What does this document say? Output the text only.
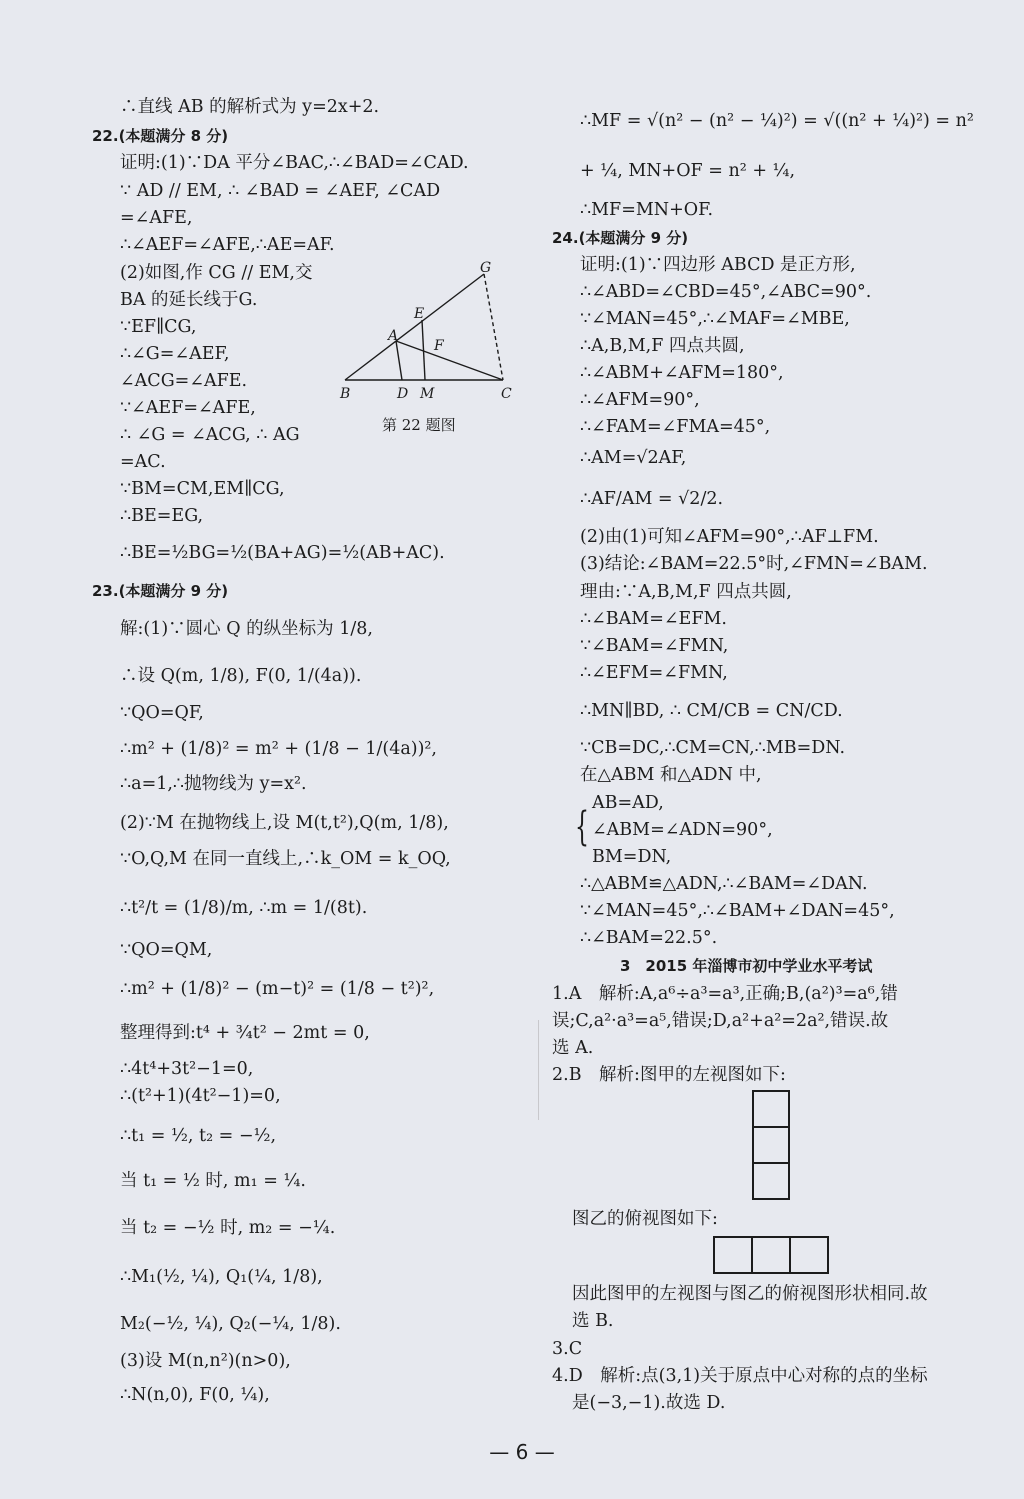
∴直线 AB 的解析式为 y=2x+2.
22.(本题满分 8 分)
证明:(1)∵DA 平分∠BAC,∴∠BAD=∠CAD.
∵ AD // EM, ∴ ∠BAD = ∠AEF, ∠CAD
=∠AFE,
∴∠AEF=∠AFE,∴AE=AF.
(2)如图,作 CG // EM,交
BA 的延长线于G.
∵EF∥CG,
∴∠G=∠AEF,
∠ACG=∠AFE.
∵∠AEF=∠AFE,
∴ ∠G = ∠ACG, ∴ AG
=AC.
∵BM=CM,EM∥CG,
∴BE=EG,
∴BE=½BG=½(BA+AG)=½(AB+AC).
23.(本题满分 9 分)
解:(1)∵圆心 Q 的纵坐标为 1/8,
∴设 Q(m, 1/8), F(0, 1/(4a)).
∵QO=QF,
∴m² + (1/8)² = m² + (1/8 − 1/(4a))²,
∴a=1,∴抛物线为 y=x².
(2)∵M 在抛物线上,设 M(t,t²),Q(m, 1/8),
∵O,Q,M 在同一直线上,∴k_OM = k_OQ,
∴t²/t = (1/8)/m, ∴m = 1/(8t).
∵QO=QM,
∴m² + (1/8)² − (m−t)² = (1/8 − t²)²,
整理得到:t⁴ + ¾t² − 2mt = 0,
∴4t⁴+3t²−1=0,
∴(t²+1)(4t²−1)=0,
∴t₁ = ½, t₂ = −½,
当 t₁ = ½ 时, m₁ = ¼.
当 t₂ = −½ 时, m₂ = −¼.
∴M₁(½, ¼), Q₁(¼, 1/8),
M₂(−½, ¼), Q₂(−¼, 1/8).
(3)设 M(n,n²)(n>0),
∴N(n,0), F(0, ¼),
G
E
A
F
B	D M	C
第 22 题图
∴MF = √(n² − (n² − ¼)²) = √((n² + ¼)²) = n²
+ ¼, MN+OF = n² + ¼,
∴MF=MN+OF.
24.(本题满分 9 分)
证明:(1)∵四边形 ABCD 是正方形,
∴∠ABD=∠CBD=45°,∠ABC=90°.
∵∠MAN=45°,∴∠MAF=∠MBE,
∴A,B,M,F 四点共圆,
∴∠ABM+∠AFM=180°,
∴∠AFM=90°,
∴∠FAM=∠FMA=45°,
∴AM=√2AF,
∴AF/AM = √2/2.
(2)由(1)可知∠AFM=90°,∴AF⊥FM.
(3)结论:∠BAM=22.5°时,∠FMN=∠BAM.
理由:∵A,B,M,F 四点共圆,
∴∠BAM=∠EFM.
∵∠BAM=∠FMN,
∴∠EFM=∠FMN,
∴MN∥BD, ∴ CM/CB = CN/CD.
∵CB=DC,∴CM=CN,∴MB=DN.
在△ABM 和△ADN 中,
{
AB=AD,
∠ABM=∠ADN=90°,
BM=DN,
∴△ABM≌△ADN,∴∠BAM=∠DAN.
∵∠MAN=45°,∴∠BAM+∠DAN=45°,
∴∠BAM=22.5°.
3　2015 年淄博市初中学业水平考试
1.A　解析:A,a⁶÷a³=a³,正确;B,(a²)³=a⁶,错
误;C,a²·a³=a⁵,错误;D,a²+a²=2a²,错误.故
选 A.
2.B　解析:图甲的左视图如下:
图乙的俯视图如下:
因此图甲的左视图与图乙的俯视图形状相同.故
选 B.
3.C
4.D　解析:点(3,1)关于原点中心对称的点的坐标
是(−3,−1).故选 D.
— 6 —
